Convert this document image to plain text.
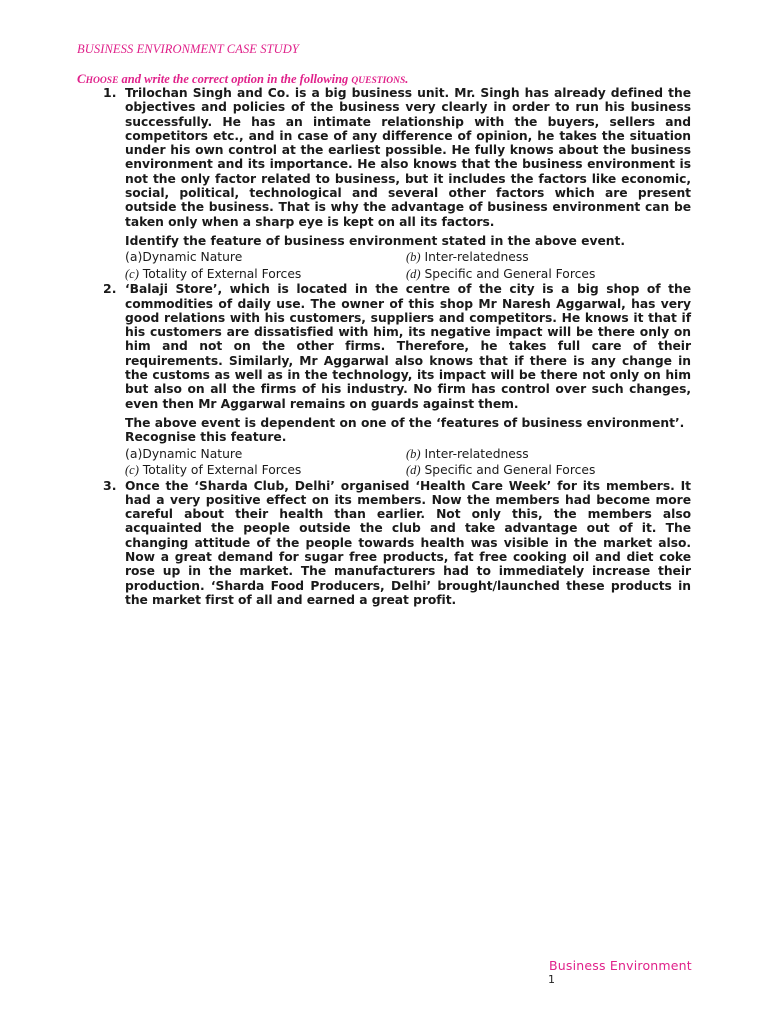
BUSINESS ENVIRONMENT CASE STUDY
CHOOSE and write the correct option in the following QUESTIONS.
1. Trilochan Singh and Co. is a big business unit. Mr. Singh has already defined the objectives and policies of the business very clearly in order to run his business successfully. He has an intimate relationship with the buyers, sellers and competitors etc., and in case of any difference of opinion, he takes the situation under his own control at the earliest possible. He fully knows about the business environment and its importance. He also knows that the business environment is not the only factor related to business, but it includes the factors like economic, social, political, technological and several other factors which are present outside the business. That is why the advantage of business environment can be taken only when a sharp eye is kept on all its factors.
Identify the feature of business environment stated in the above event.
(a)Dynamic Nature	(b) Inter-relatedness
(c) Totality of External Forces	(d) Specific and General Forces
2. ‘Balaji Store’, which is located in the centre of the city is a big shop of the commodities of daily use. The owner of this shop Mr Naresh Aggarwal, has very good relations with his customers, suppliers and competitors. He knows it that if his customers are dissatisfied with him, its negative impact will be there only on him and not on the other firms. Therefore, he takes full care of their requirements. Similarly, Mr Aggarwal also knows that if there is any change in the customs as well as in the technology, its impact will be there not only on him but also on all the firms of his industry. No firm has control over such changes, even then Mr Aggarwal remains on guards against them.
The above event is dependent on one of the ‘features of business environment’. Recognise this feature.
(a)Dynamic Nature	(b) Inter-relatedness
(c) Totality of External Forces	(d) Specific and General Forces
3. Once the ‘Sharda Club, Delhi’ organised ‘Health Care Week’ for its members. It had a very positive effect on its members. Now the members had become more careful about their health than earlier. Not only this, the members also acquainted the people outside the club and take advantage out of it. The changing attitude of the people towards health was visible in the market also. Now a great demand for sugar free products, fat free cooking oil and diet coke rose up in the market. The manufacturers had to immediately increase their production. ‘Sharda Food Producers, Delhi’ brought/launched these products in the market first of all and earned a great profit.
Business Environment
1
